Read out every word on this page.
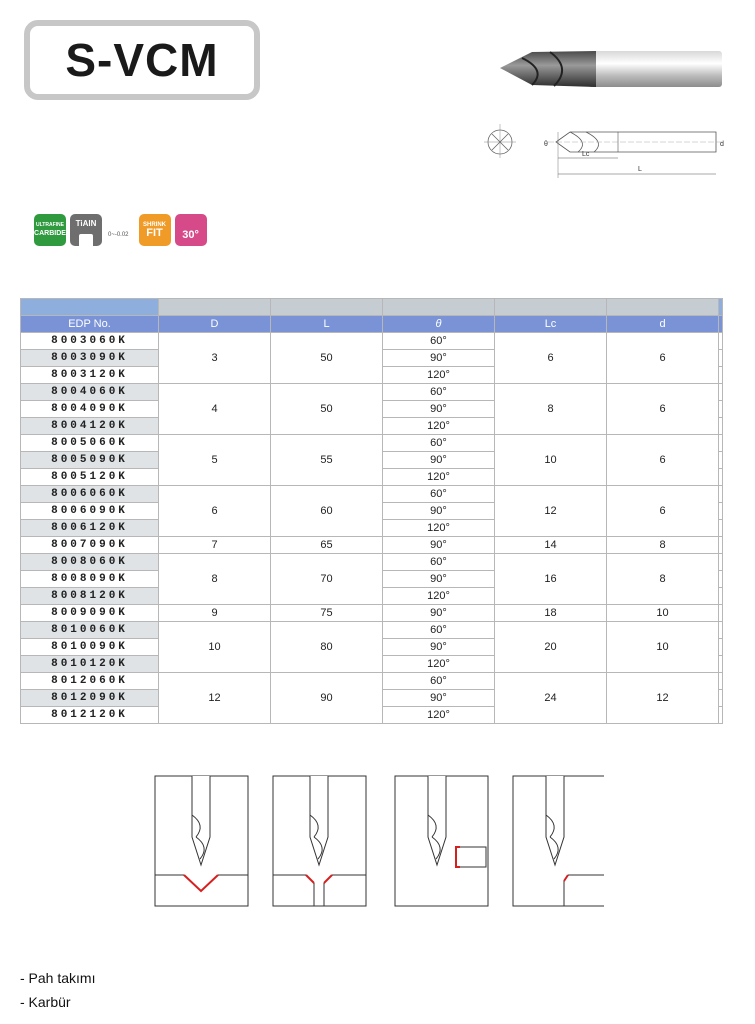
S-VCM
Lc
L
d
θ
ULTRAFINE
CARBIDE
TiAlN
0~-0.02
SHRINK
FIT 30°

EDP No.	D	L	θ	Lc	d	
8003060K	3	50	60°	6	6	
8003090K			90°			
8003120K			120°			
8004060K	4	50	60°	8	6	
8004090K			90°			
8004120K			120°			
8005060K	5	55	60°	10	6	
8005090K			90°			
8005120K			120°			
8006060K	6	60	60°	12	6	
8006090K			90°			
8006120K			120°			
8007090K	7	65	90°	14	8	
8008060K	8	70	60°	16	8	
8008090K			90°			
8008120K			120°			
8009090K	9	75	90°	18	10	
8010060K	10	80	60°	20	10	
8010090K			90°			
8010120K			120°			
8012060K	12	90	60°	24	12	
8012090K			90°			
8012120K			120°			
- Pah takımı
- Karbür
